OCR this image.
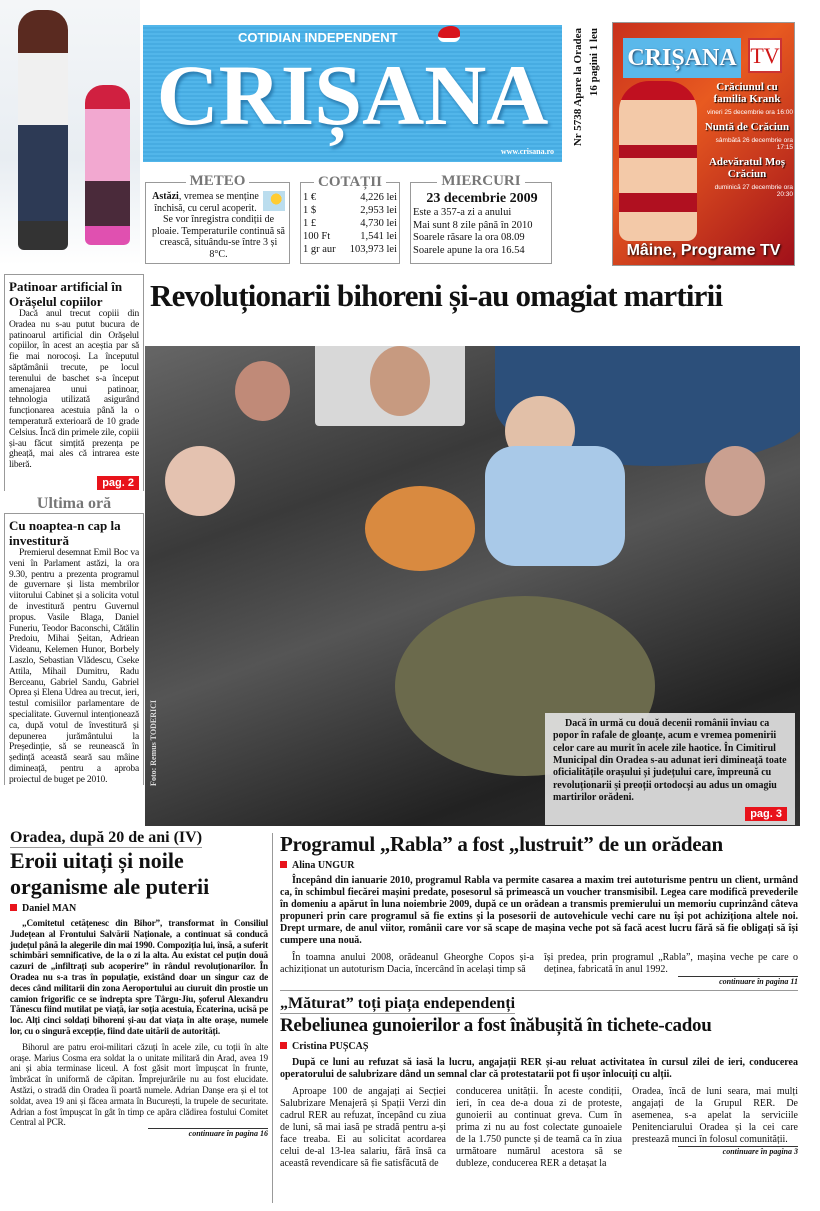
COTIDIAN INDEPENDENT
CRIȘANA
www.crisana.ro
Nr 5738 Apare la Oradea 16 pagini 1 leu CRIȘANA TV
Crăciunul cu familia Krank
vineri 25 decembrie ora 16:00
Nuntă de Crăciun
sâmbătă 26 decembrie ora 17:15
Adevăratul Moș Crăciun
duminică 27 decembrie ora 20:30
Mâine, Programe TV
METEO
Astăzi, vremea se menține închisă, cu cerul acoperit. Se vor înregistra condiții de ploaie. Temperaturile continuă să crească, situându-se între 3 și 8°C.
COTAȚII
1 €	4,226 lei
1 $	2,953 lei
1 £	4,730 lei
100 Ft	1,541 lei
1 gr aur	103,973 lei
MIERCURI
23 decembrie 2009
Este a 357-a zi a anului
Mai sunt 8 zile până în 2010
Soarele răsare la ora 08.09
Soarele apune la ora 16.54
Patinoar artificial în Orășelul copiilor

Dacă anul trecut copiii din Oradea nu s-au putut bucura de patinoarul artificial din Orășelul copiilor, în acest an aceștia par să fie mai norocoși. La începutul săptămânii trecute, pe locul terenului de baschet s-a început amenajarea unui patinoar, tehnologia utilizată asigurând funcționarea acestuia până la o temperatură exterioară de 10 grade Celsius. Încă din primele zile, copiii și-au făcut simțită prezența pe gheață, mai ales că intrarea este liberă.

pag. 2
Ultima oră
Cu noaptea-n cap la investitură

Premierul desemnat Emil Boc va veni în Parlament astăzi, la ora 9.30, pentru a prezenta programul de guvernare și lista membrilor viitorului Cabinet și a solicita votul de investitură pentru Guvernul propus. Vasile Blaga, Daniel Funeriu, Teodor Baconschi, Cătălin Predoiu, Mihai Șeitan, Adriean Videanu, Kelemen Hunor, Borbely Laszlo, Sebastian Vlădescu, Cseke Attila, Mihail Dumitru, Radu Berceanu, Gabriel Sandu, Gabriel Oprea și Elena Udrea au trecut, ieri, testul comisiilor parlamentare de specialitate. Guvernul intenționează ca, după votul de învestitură și depunerea jurământului la Președinție, să se reunească în ședință această seară sau mâine dimineață, pentru a aproba proiectul de buget pe 2010.

Revoluționarii bihoreni și-au omagiat martirii
Foto: Remus TODERICI	Dacă în urmă cu două decenii românii înviau ca popor în rafale de gloanțe, acum e vremea pomenirii celor care au murit în acele zile haotice. În Cimitirul Municipal din Oradea s-au adunat ieri dimineață toate oficialitățile orașului și județului care, împreună cu revoluționarii și preoții ortodocși au adus un omagiu martirilor orădeni.
pag. 3
Oradea, după 20 de ani (IV)
Eroii uitați și noile organisme ale puterii
Daniel MAN

„Comitetul cetățenesc din Bihor”, transformat în Consiliul Județean al Frontului Salvării Naționale, a continuat să conducă județul până la alegerile din mai 1990. Compoziția lui, însă, a suferit schimbări semnificative, de la o zi la alta. Au existat cel puțin două cazuri de „infiltrați sub acoperire” în rândul revoluționarilor. În Oradea nu s-a tras în populație, existând doar un singur caz de deces când militarii din zona Aeroportului au ciuruit din prostie un camion frigorific ce se îndrepta spre Târgu-Jiu, șoferul Alexandru Tănescu fiind mutilat pe viață, iar soția acestuia, Ecaterina, ucisă pe loc. Alți cinci soldați bihoreni și-au dat viața în alte orașe, numele lor, cu o singură excepție, fiind date uitării de autorități.

Bihorul are patru eroi-militari căzuți în acele zile, cu toții în alte orașe. Marius Cosma era soldat la o unitate militară din Arad, avea 19 ani și abia terminase liceul. A fost găsit mort împușcat în frunte, îmbrăcat în uniformă de căpitan. Împrejurările nu au fost elucidate. Astăzi, o stradă din Oradea îi poartă numele. Adrian Danșe era și el tot soldat, avea 19 ani și făcea armata în București, la trupele de securitate. Adrian a fost împușcat în gât în timp ce apăra clădirea fostului Comitet Central al PCR.

continuare în pagina 16
Programul „Rabla” a fost „lustruit” de un orădean
Alina UNGUR

Începând din ianuarie 2010, programul Rabla va permite casarea a maxim trei autoturisme pentru un client, urmând ca, în schimbul fiecărei mașini predate, posesorul să primească un voucher transmisibil. Legea care modifică prevederile în domeniu a apărut în luna noiembrie 2009, după ce un orădean a transmis premierului un memoriu cuprinzând câteva propuneri prin care programul să fie extins și la posesorii de autovehicule vechi care nu își pot achiziționa altele noi. Drept urmare, de anul viitor, românii care vor să scape de mașina veche pot să facă acest lucru fără să fie obligați să își cumpere una nouă.

În toamna anului 2008, orădeanul Gheorghe Copos și-a achiziționat un autoturism Dacia, încercând în același timp să

își predea, prin programul „Rabla”, mașina veche pe care o deținea, fabricată în anul 1992.

continuare în pagina 11
„Măturat” toți piața endependenți
Rebeliunea gunoierilor a fost înăbușită în tichete-cadou
Cristina PUȘCAȘ

După ce luni au refuzat să iasă la lucru, angajații RER și-au reluat activitatea în cursul zilei de ieri, conducerea operatorului de salubrizare dând un semnal clar că protestatarii pot fi ușor înlocuiți cu alții.

Aproape 100 de angajați ai Secției Salubrizare Menajeră și Spații Verzi din cadrul RER au refuzat, începând cu ziua de luni, să mai iasă pe stradă pentru a-și face treaba. Ei au solicitat acordarea celui de-al 13-lea salariu, fără însă ca această revendicare să fie satisfăcută de

conducerea unității. În aceste condiții, ieri, în cea de-a doua zi de proteste, gunoierii au continuat greva. Cum în prima zi nu au fost colectate gunoaiele de la 1.750 puncte și de teamă ca în ziua următoare numărul acestora să se dubleze, conducerea RER a detașat la

Oradea, încă de luni seara, mai mulți angajați de la Grupul RER. De asemenea, s-a apelat la serviciile Penitenciarului Oradea și la cei care prestează munci în folosul comunității.

continuare în pagina 3
